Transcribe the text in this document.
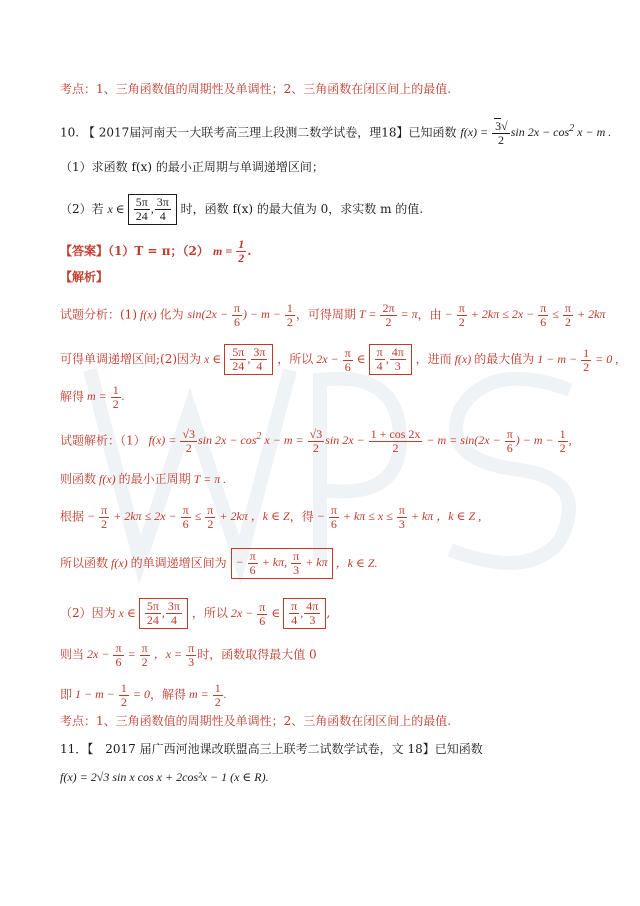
考点：1、三角函数值的周期性及单调性；2、三角函数在闭区间上的最值.
10. 【 2017届河南天一大联考高三理上段测二数学试卷，理18】已知函数 $f(x) = \frac{3√}{2}$ $\sin 2x - \cos^2 x - m$ .
（1）求函数 f(x) 的最小正周期与单调递增区间；
（2）若 x ∈ $\frac{5\pi}{24}$ , $\frac{3\pi}{4}$ 时，函数 f(x) 的最大值为 0，求实数 m 的值.
【答案】（1）T = π；（2） $m = \frac{1}{2}$ .
【解析】
试题分析：(1) f(x) 化为 $\sin(2x - \frac{\pi}{6}$ ) − $m - \frac{1}{2}$ ，可得周期 $T = \frac{2\pi}{2} = \pi$，由 − $\frac{\pi}{2} + 2k\pi \le 2x - \frac{\pi}{6} \le \frac{\pi}{2} + 2k\pi$
可得单调递增区间;(2)因为 x ∈ $\frac{5\pi}{24}$ , $\frac{3\pi}{4}$ ，所以 $2x - \frac{\pi}{6}$ ∈ $\frac{\pi}{4}$ , $\frac{4\pi}{3}$ ，进而 f(x) 的最大值为 $1 - m - \frac{1}{2} = 0$ ,
解得 $m = \frac{1}{2}$ .
试题解析：（1） $f(x) = \frac{√3}{2}$ $\sin 2x - \cos^2 x - m = \frac{√3}{2}$ $\sin 2x - \frac{1 + \cos 2x}{2} - m = \sin(2x - \frac{\pi}{6}$ ) − $m - \frac{1}{2}$ ,
则函数 f(x) 的最小正周期 T = π .
根据 − $\frac{\pi}{2} + 2k\pi \le 2x - \frac{\pi}{6} \le \frac{\pi}{2} + 2k\pi$ ，k ∈ Z，得 − $\frac{\pi}{6} + k\pi \le x \le \frac{\pi}{3} + k\pi$ ，k ∈ Z ,
所以函数 f(x) 的单调递增区间为 − $\frac{\pi}{6} + k\pi$, $\frac{\pi}{3} + k\pi$ ，k ∈ Z.
（2）因为 x ∈ $\frac{5\pi}{24}$ , $\frac{3\pi}{4}$ ，所以 $2x - \frac{\pi}{6}$ ∈ $\frac{\pi}{4}$ , $\frac{4\pi}{3}$ ,
则当 $2x - \frac{\pi}{6} = \frac{\pi}{2}$ ，$x = \frac{\pi}{3}$ 时，函数取得最大值 0
即 $1 - m - \frac{1}{2} = 0$，解得 $m = \frac{1}{2}$ .
考点：1、三角函数值的周期性及单调性；2、三角函数在闭区间上的最值.
11．【　2017 届广西河池课改联盟高三上联考二试数学试卷，文 18】已知函数
f(x) = 2√3 sin x cos x + 2cos²x − 1 (x ∈ R).
